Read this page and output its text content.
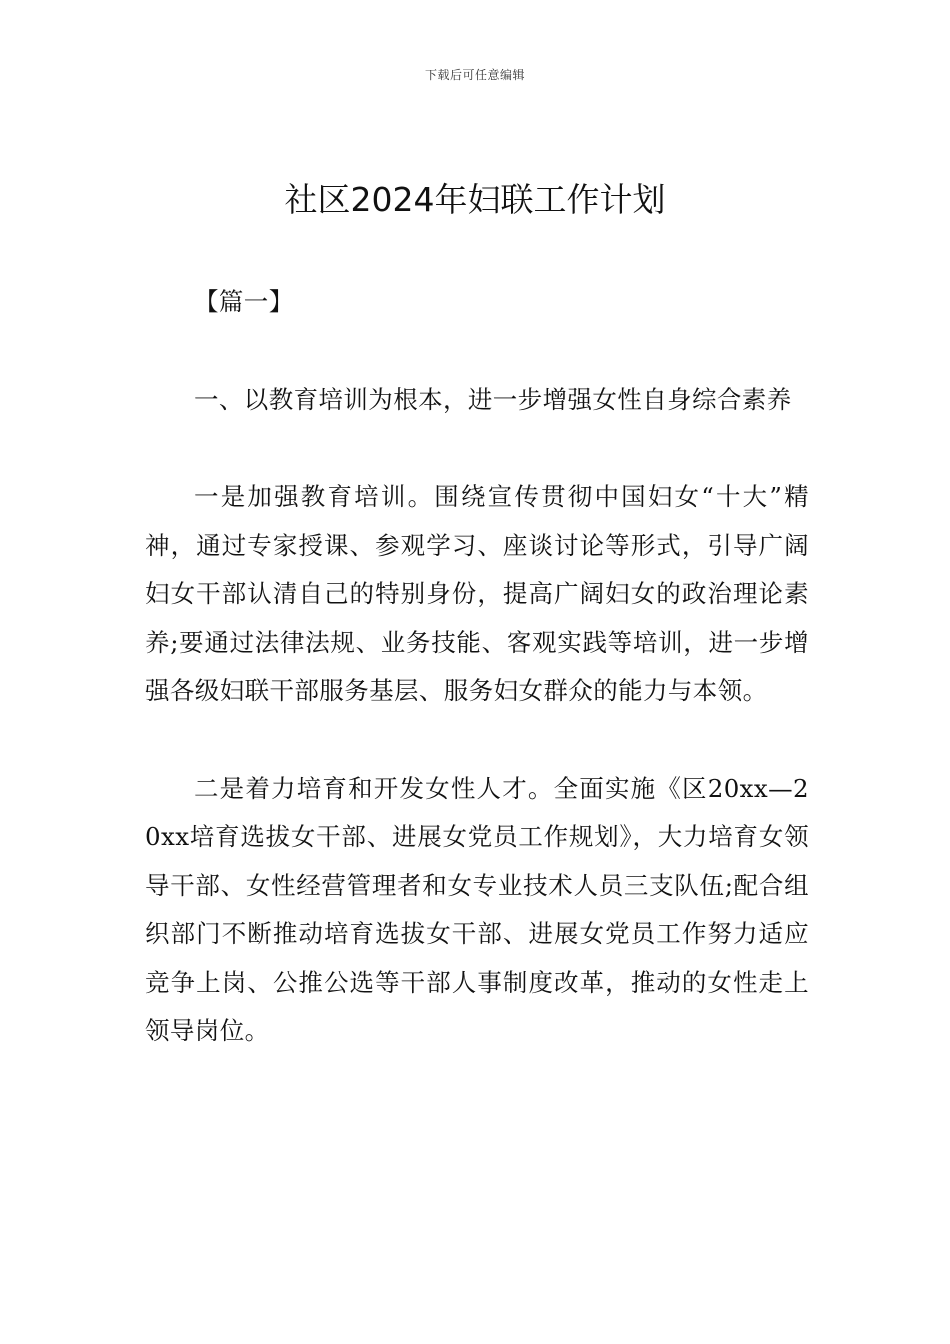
下载后可任意编辑
社区2024年妇联工作计划

【篇一】

一、以教育培训为根本，进一步增强女性自身综合素养

一是加强教育培训。围绕宣传贯彻中国妇女“十大”精神，通过专家授课、参观学习、座谈讨论等形式，引导广阔妇女干部认清自己的特别身份，提高广阔妇女的政治理论素养;要通过法律法规、业务技能、客观实践等培训，进一步增强各级妇联干部服务基层、服务妇女群众的能力与本领。

二是着力培育和开发女性人才。全面实施《区20xx—20xx培育选拔女干部、进展女党员工作规划》，大力培育女领导干部、女性经营管理者和女专业技术人员三支队伍;配合组织部门不断推动培育选拔女干部、进展女党员工作努力适应竞争上岗、公推公选等干部人事制度改革，推动的女性走上领导岗位。
